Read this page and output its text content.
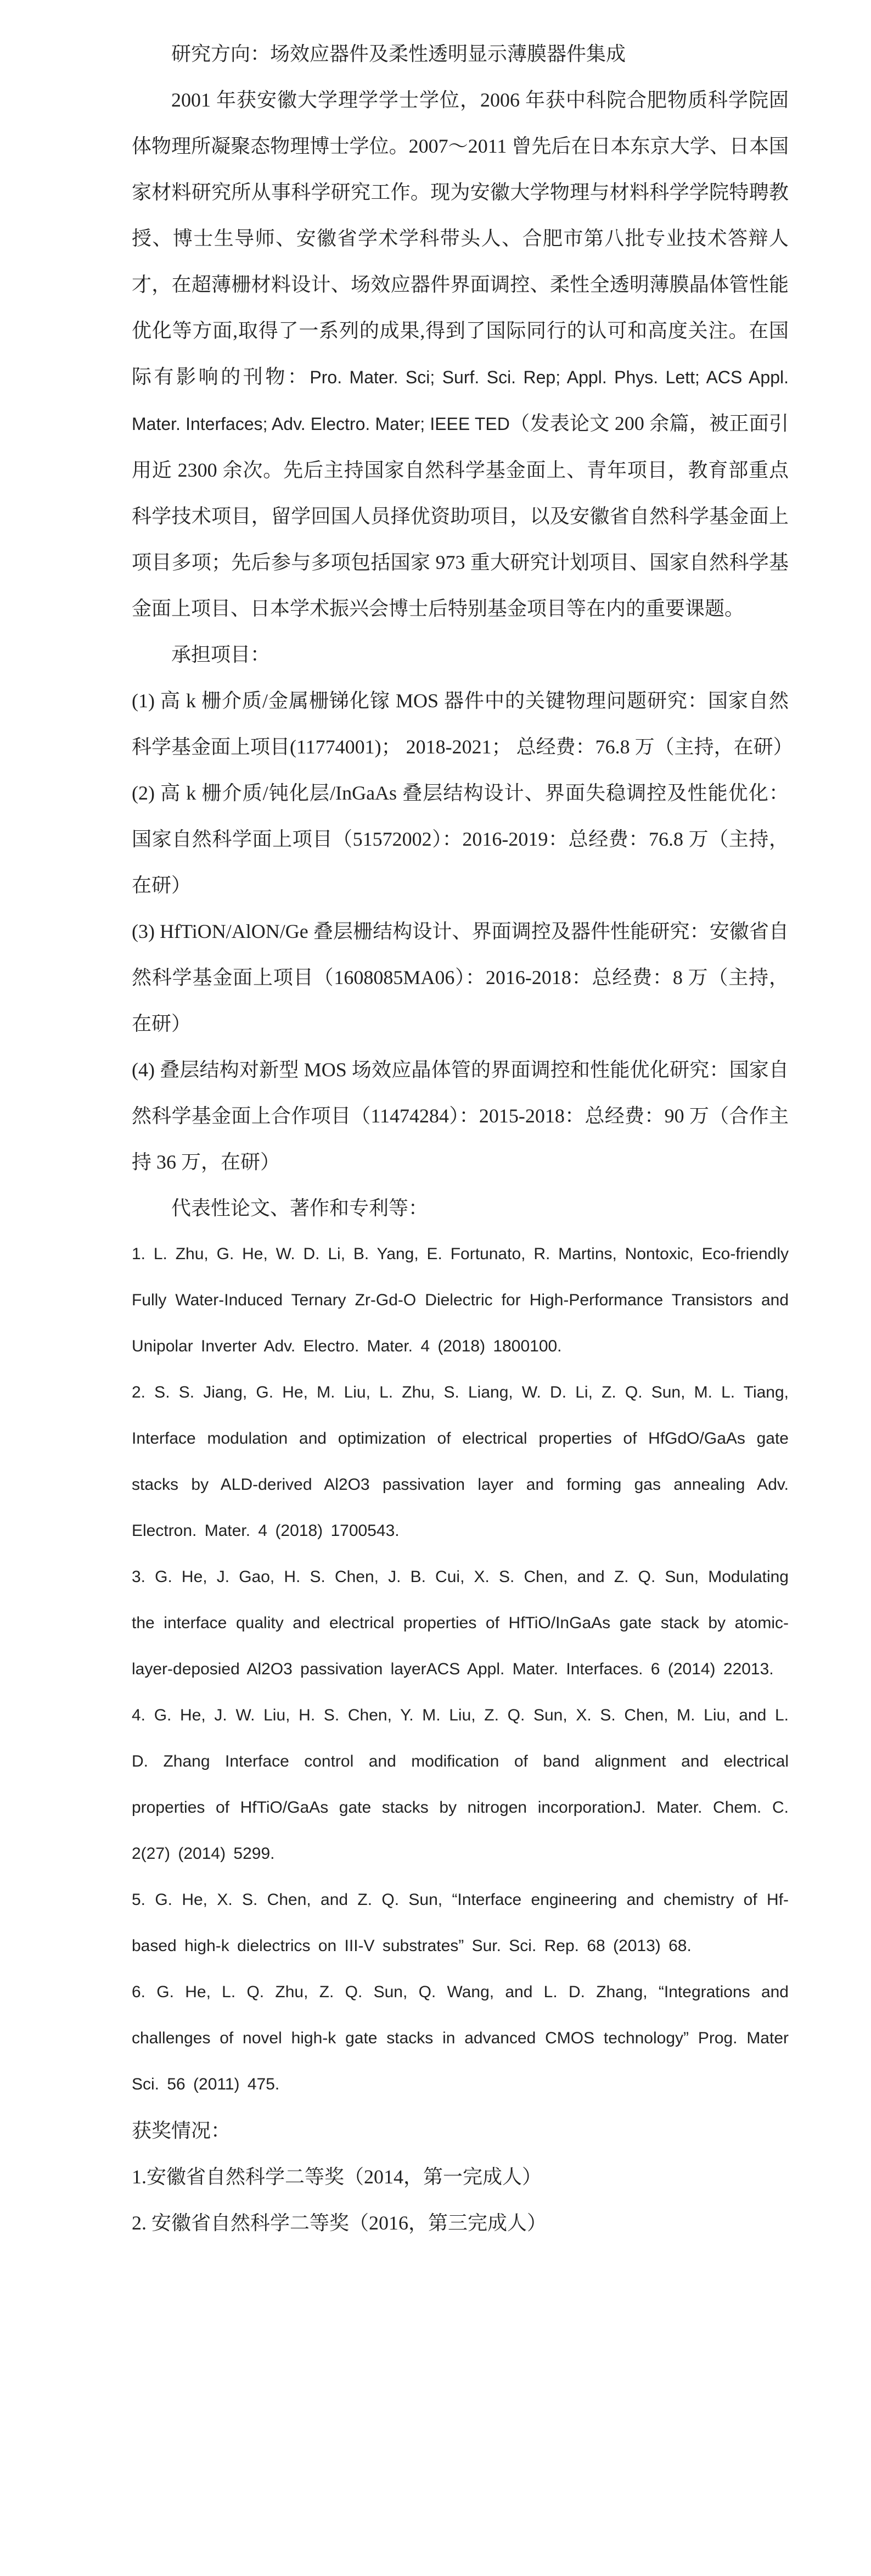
研究方向：场效应器件及柔性透明显示薄膜器件集成

2001 年获安徽大学理学学士学位，2006 年获中科院合肥物质科学院固体物理所凝聚态物理博士学位。2007～2011 曾先后在日本东京大学、日本国家材料研究所从事科学研究工作。现为安徽大学物理与材料科学学院特聘教授、博士生导师、安徽省学术学科带头人、合肥市第八批专业技术答辩人才，在超薄栅材料设计、场效应器件界面调控、柔性全透明薄膜晶体管性能优化等方面,取得了一系列的成果,得到了国际同行的认可和高度关注。在国际有影响的刊物：Pro. Mater. Sci; Surf. Sci. Rep; Appl. Phys. Lett; ACS Appl. Mater. Interfaces; Adv. Electro. Mater; IEEE TED（发表论文 200 余篇，被正面引用近 2300 余次。先后主持国家自然科学基金面上、青年项目，教育部重点科学技术项目，留学回国人员择优资助项目，以及安徽省自然科学基金面上项目多项；先后参与多项包括国家 973 重大研究计划项目、国家自然科学基金面上项目、日本学术振兴会博士后特别基金项目等在内的重要课题。

承担项目：

(1) 高 k 栅介质/金属栅锑化镓 MOS 器件中的关键物理问题研究：国家自然科学基金面上项目(11774001)； 2018-2021； 总经费：76.8 万（主持，在研）
(2) 高 k 栅介质/钝化层/InGaAs 叠层结构设计、界面失稳调控及性能优化：国家自然科学面上项目（51572002）：2016-2019：总经费：76.8 万（主持，在研）
(3) HfTiON/AlON/Ge 叠层栅结构设计、界面调控及器件性能研究：安徽省自然科学基金面上项目（1608085MA06）：2016-2018：总经费：8 万（主持，在研）
(4) 叠层结构对新型 MOS 场效应晶体管的界面调控和性能优化研究：国家自然科学基金面上合作项目（11474284）：2015-2018：总经费：90 万（合作主持 36 万，在研）

代表性论文、著作和专利等：

1. L. Zhu, G. He, W. D. Li, B. Yang, E. Fortunato, R. Martins, Nontoxic, Eco-friendly Fully Water-Induced Ternary Zr-Gd-O Dielectric for High-Performance Transistors and Unipolar Inverter Adv. Electro. Mater. 4 (2018) 1800100.
2. S. S. Jiang, G. He, M. Liu, L. Zhu, S. Liang, W. D. Li, Z. Q. Sun, M. L. Tiang, Interface modulation and optimization of electrical properties of HfGdO/GaAs gate stacks by ALD-derived Al2O3 passivation layer and forming gas annealing Adv. Electron. Mater. 4 (2018) 1700543.
3. G. He, J. Gao, H. S. Chen, J. B. Cui, X. S. Chen, and Z. Q. Sun, Modulating the interface quality and electrical properties of HfTiO/InGaAs gate stack by atomic-layer-deposied Al2O3 passivation layerACS Appl. Mater. Interfaces. 6 (2014) 22013.
4. G. He, J. W. Liu, H. S. Chen, Y. M. Liu, Z. Q. Sun, X. S. Chen, M. Liu, and L. D. Zhang Interface control and modification of band alignment and electrical properties of HfTiO/GaAs gate stacks by nitrogen incorporationJ. Mater. Chem. C. 2(27) (2014) 5299.
5. G. He, X. S. Chen, and Z. Q. Sun, “Interface engineering and chemistry of Hf-based high-k dielectrics on III-V substrates” Sur. Sci. Rep. 68 (2013) 68.
6. G. He, L. Q. Zhu, Z. Q. Sun, Q. Wang, and L. D. Zhang, “Integrations and challenges of novel high-k gate stacks in advanced CMOS technology” Prog. Mater Sci. 56 (2011) 475.

获奖情况：

1.安徽省自然科学二等奖（2014，第一完成人）
2. 安徽省自然科学二等奖（2016，第三完成人）
